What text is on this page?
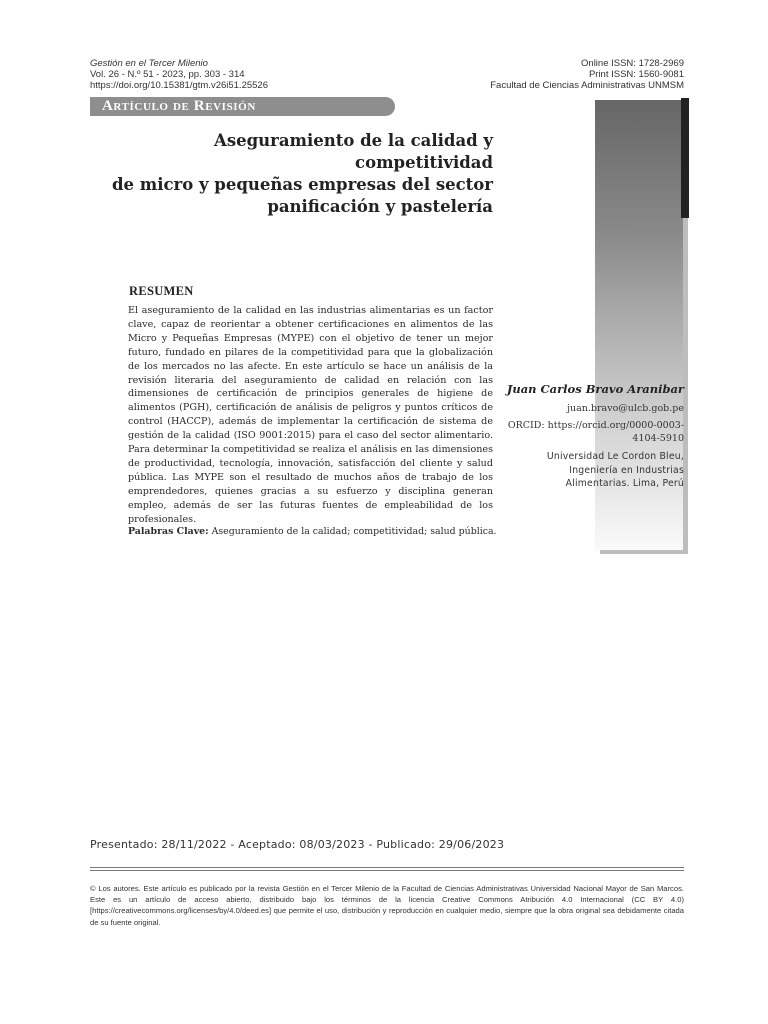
Gestión en el Tercer Milenio
Vol. 26 - N.º 51 - 2023, pp. 303 - 314
https://doi.org/10.15381/gtm.v26i51.25526
Online ISSN: 1728-2969
Print ISSN: 1560-9081
Facultad de Ciencias Administrativas UNMSM
Artículo de Revisión
Aseguramiento de la calidad y competitividad
de micro y pequeñas empresas del sector
panificación y pastelería
RESUMEN
El aseguramiento de la calidad en las industrias alimentarias es un factor clave, capaz de reorientar a obtener certificaciones en alimentos de las Micro y Pequeñas Empresas (MYPE) con el objetivo de tener un mejor futuro, fundado en pilares de la competitividad para que la globalización de los mercados no las afecte. En este artículo se hace un análisis de la revisión literaria del aseguramiento de calidad en relación con las dimensiones de certificación de principios generales de higiene de alimentos (PGH), certificación de análisis de peligros y puntos críticos de control (HACCP), además de implementar la certificación de sistema de gestión de la calidad (ISO 9001:2015) para el caso del sector alimentario. Para determinar la competitividad se realiza el análisis en las dimensiones de productividad, tecnología, innovación, satisfacción del cliente y salud pública. Las MYPE son el resultado de muchos años de trabajo de los emprendedores, quienes gracias a su esfuerzo y disciplina generan empleo, además de ser las futuras fuentes de empleabilidad de los profesionales.
Palabras Clave: Aseguramiento de la calidad; competitividad; salud pública.
Juan Carlos Bravo Aranibar
juan.bravo@ulcb.gob.pe
ORCID: https://orcid.org/0000-0003-4104-5910
Universidad Le Cordon Bleu,
Ingeniería en Industrias
Alimentarias. Lima, Perú
Presentado: 28/11/2022 - Aceptado: 08/03/2023 - Publicado: 29/06/2023
© Los autores. Este artículo es publicado por la revista Gestión en el Tercer Milenio de la Facultad de Ciencias Administrativas Universidad Nacional Mayor de San Marcos. Este es un artículo de acceso abierto, distribuido bajo los términos de la licencia Creative Commons Atribución 4.0 Internacional (CC BY 4.0) [https://creativecommons.org/licenses/by/4.0/deed.es] que permite el uso, distribución y reproducción en cualquier medio, siempre que la obra original sea debidamente citada de su fuente original.
